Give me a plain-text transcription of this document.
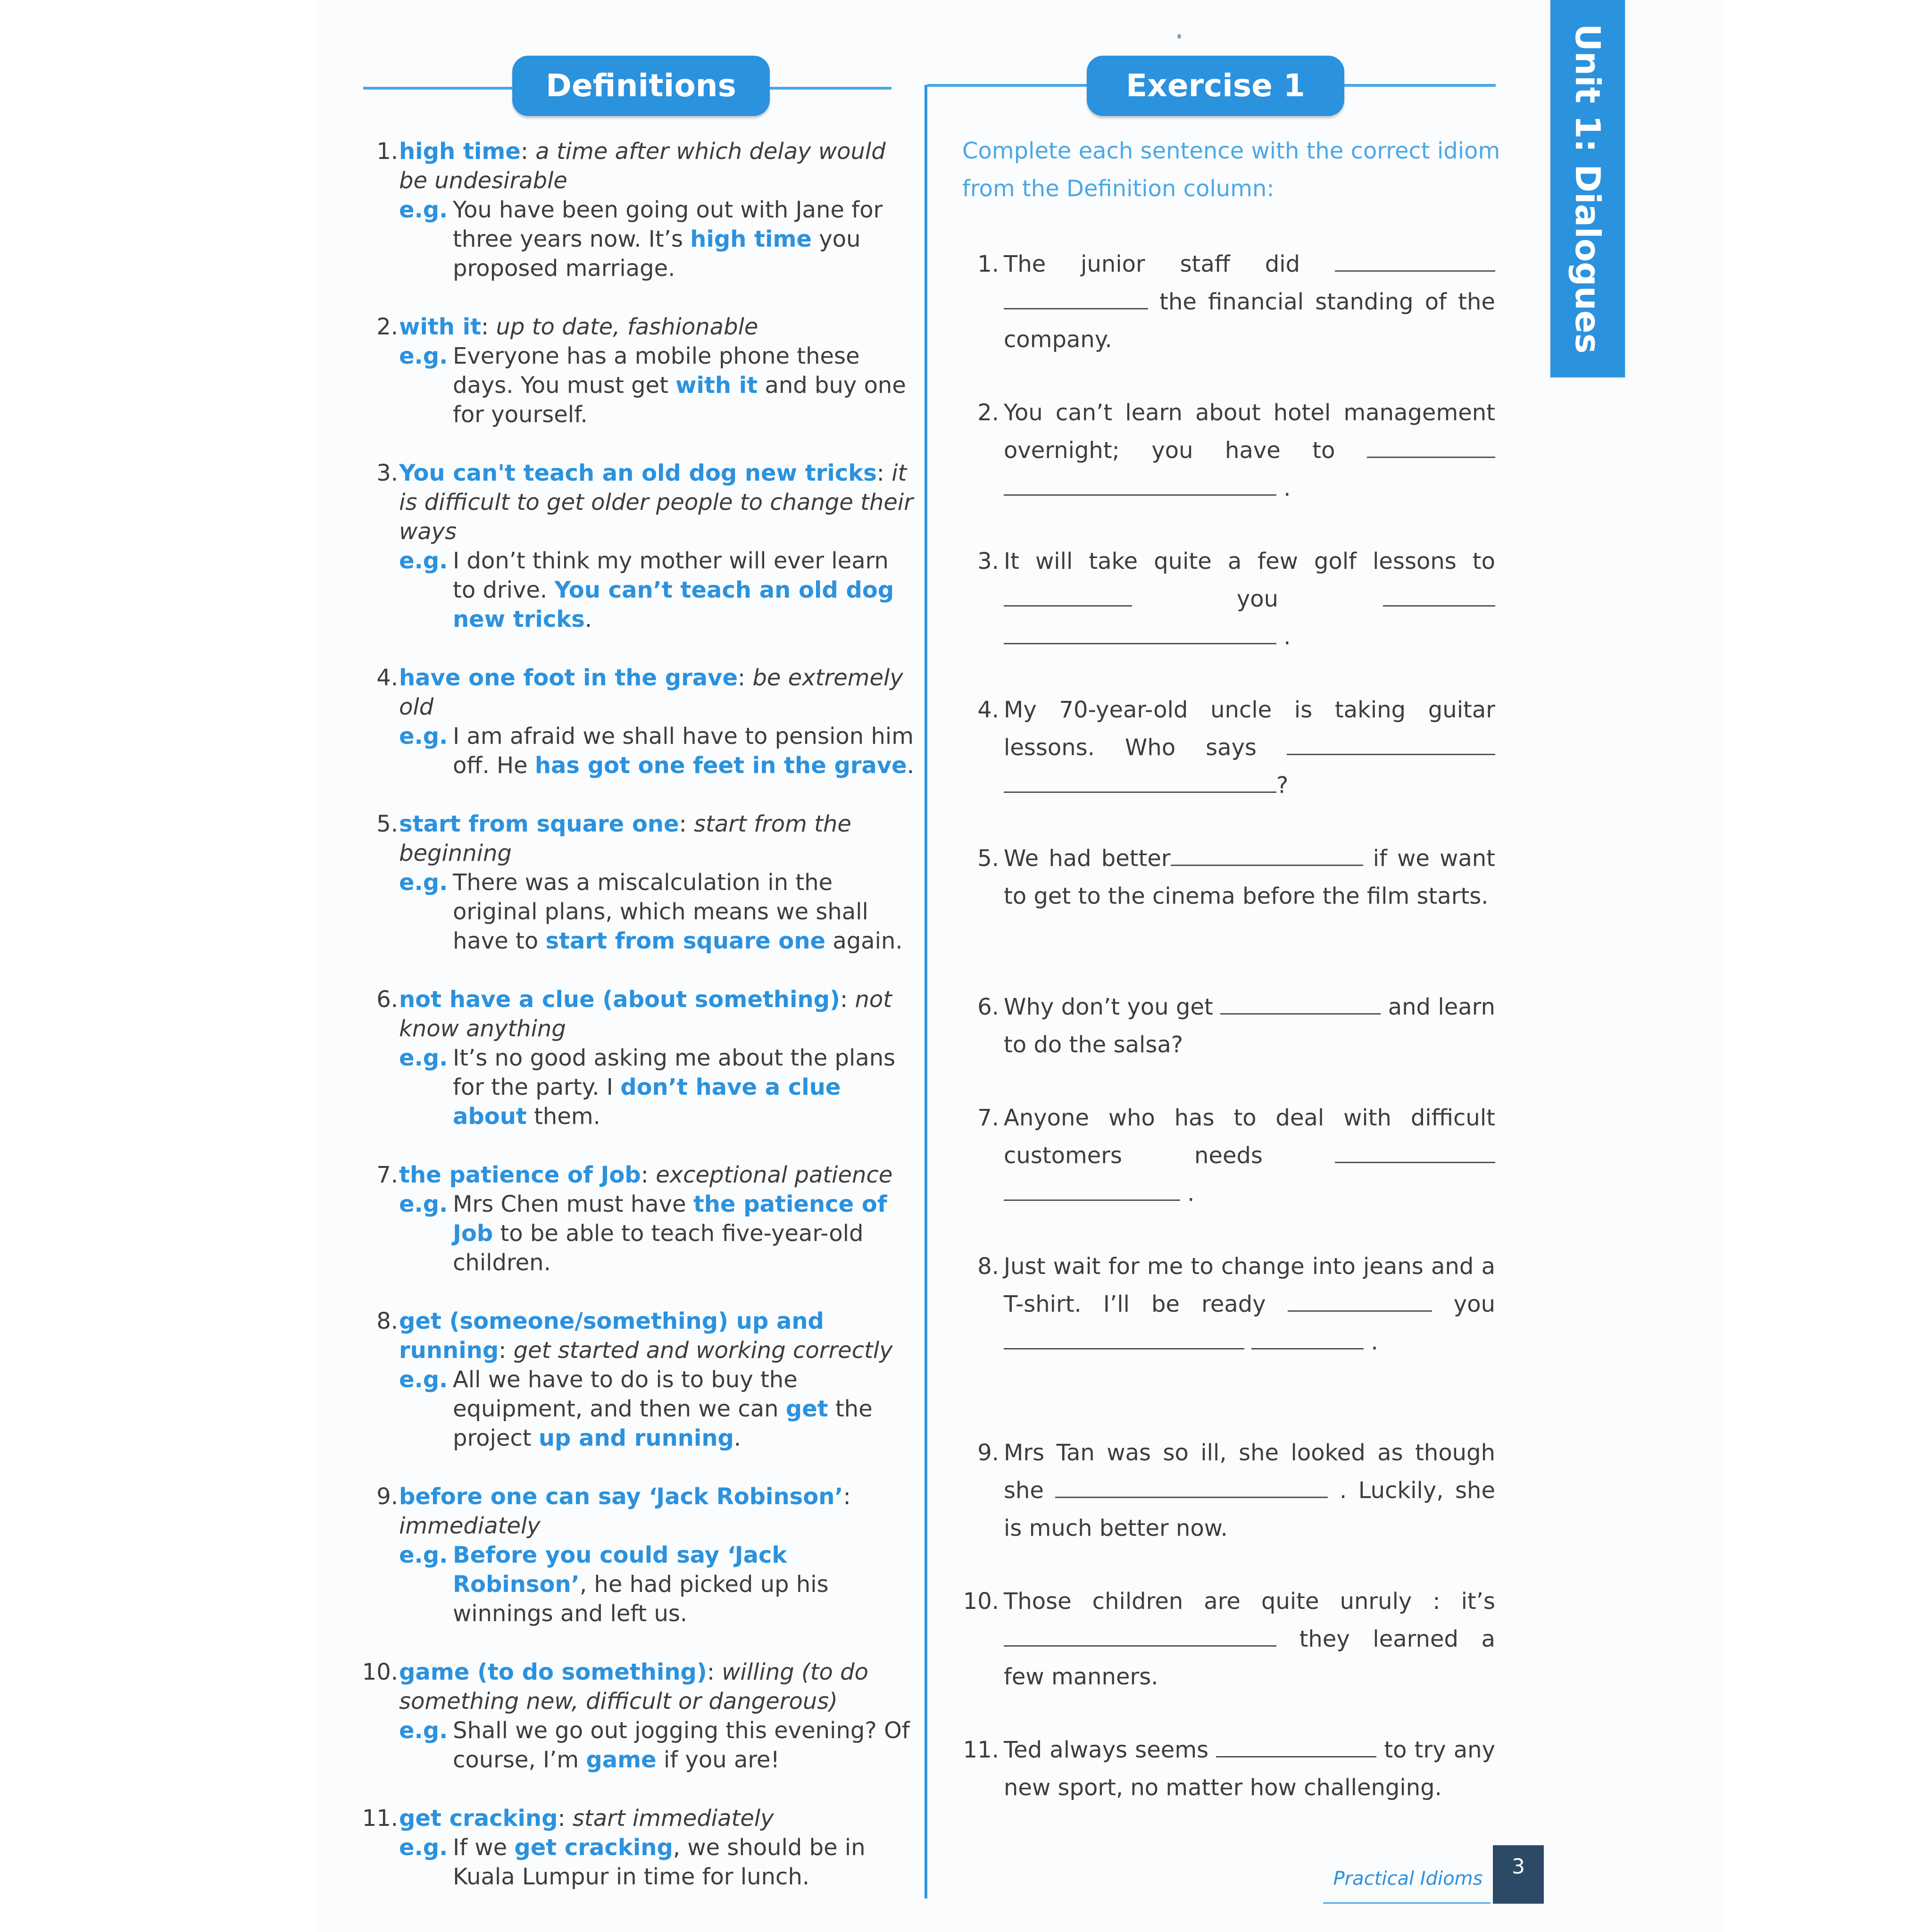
Definitions	Exercise 1	Unit 1: Dialogues
1. high time: a time after which delay would be undesirable
e.g. You have been going out with Jane for three years now. It’s high time you proposed marriage.
2. with it: up to date, fashionable
e.g. Everyone has a mobile phone these days. You must get with it and buy one for yourself.
3. You can't teach an old dog new tricks: it is difficult to get older people to change their ways
e.g. I don’t think my mother will ever learn to drive. You can’t teach an old dog new tricks.
4. have one foot in the grave: be extremely old
e.g. I am afraid we shall have to pension him off. He has got one feet in the grave.
5. start from square one: start from the beginning
e.g. There was a miscalculation in the original plans, which means we shall have to start from square one again.
6. not have a clue (about something): not know anything
e.g. It’s no good asking me about the plans for the party. I don’t have a clue about them.
7. the patience of Job: exceptional patience
e.g. Mrs Chen must have the patience of Job to be able to teach five-year-old children.
8. get (someone/something) up and running: get started and working correctly
e.g. All we have to do is to buy the equipment, and then we can get the project up and running.
9. before one can say ‘Jack Robinson’: immediately
e.g. Before you could say ‘Jack Robinson’, he had picked up his winnings and left us.
10. game (to do something): willing (to do something new, difficult or dangerous)
e.g. Shall we go out jogging this evening? Of course, I’m game if you are!
11. get cracking: start immediately
e.g. If we get cracking, we should be in Kuala Lumpur in time for lunch.
Complete each sentence with the correct idiom from the Definition column:
1. The junior staff did   the financial standing of the company.
2. You can’t learn about hotel management overnight; you have to   .
3. It will take quite a few golf lessons to  you   .
4. My 70-year-old uncle is taking guitar lessons. Who says  ?
5. We had better	if we want to get to the cinema before the film starts.
6. Why don’t you get	and learn to do the salsa?
7. Anyone who has to deal with difficult customers needs   .
8. Just wait for me to change into jeans and a T-shirt. I’ll be ready	you   .
9. Mrs Tan was so ill, she looked as though she	. Luckily, she is much better now.
10. Those children are quite unruly : it’s  they learned a few manners.
11. Ted always seems	to try any new sport, no matter how challenging.
Practical Idioms	3
